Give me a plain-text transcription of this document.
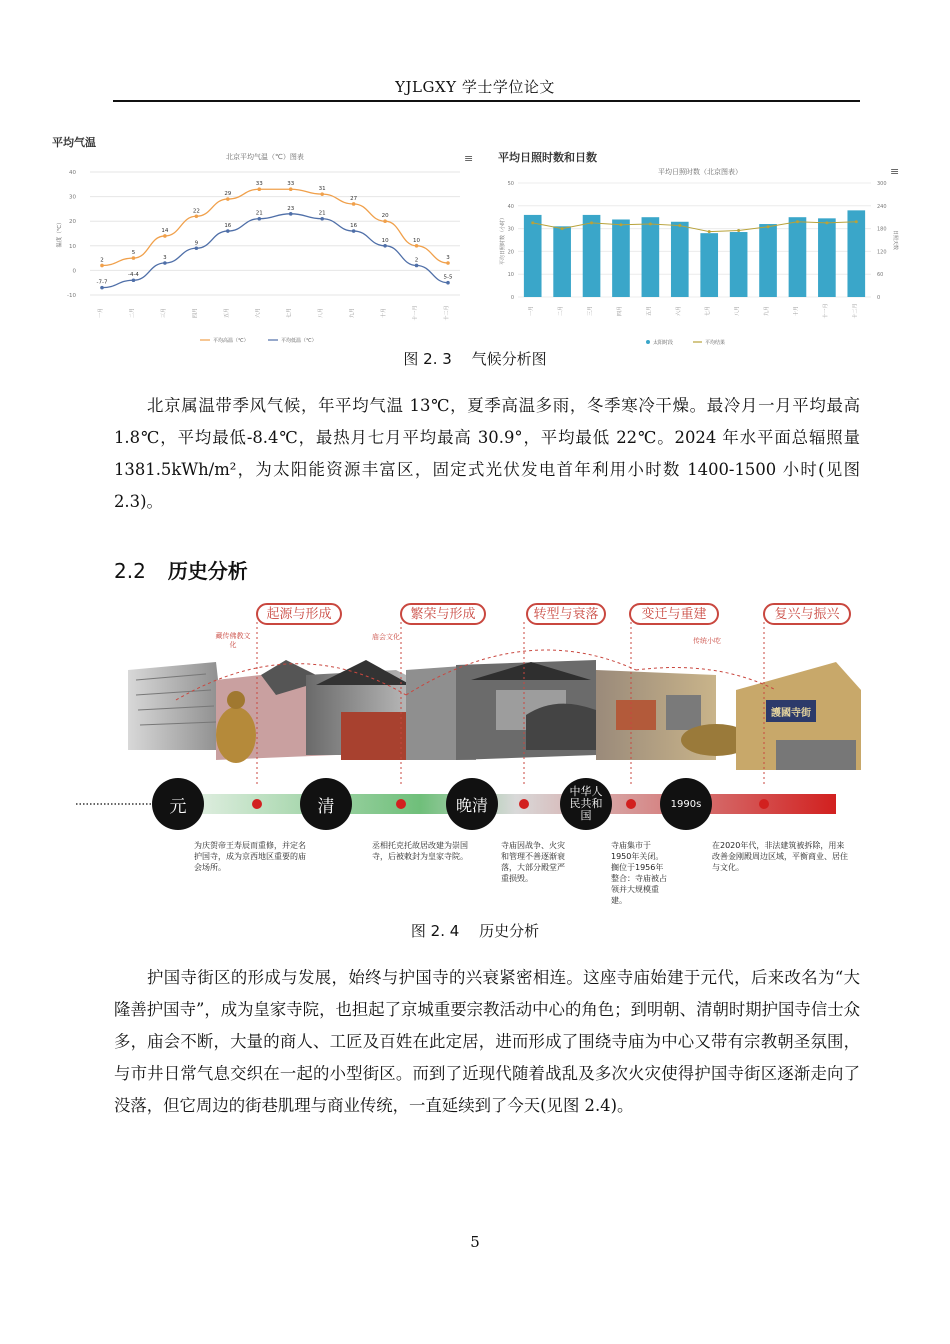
YJLGXY 学士学位论文
平均气温
北京平均气温（℃）图表	≡
40
30
20
10
0
-10
温度（℃）
一月	二月	三月	四月	五月	六月	七月	八月	九月	十月	十一月	十二月
2
5
14
22
29
33	33
31
27
20
10
3
-7-7
-4-4
3
9
16
21
23
21
16
10
2
5-5
平均高温（℃）	平均低温（℃）
平均日照时数和日数
平均日照时数（北京图表）	≡
50	300
40	240
30	180
20	120
10	60
0	0
平均日照时数（小时）	日照天数
一月	二月	三月	四月	五月	六月	七月	八月	九月	十月	十一月	十二月
太阳时段	平均结果
图 2. 3　 气候分析图

北京属温带季风气候，年平均气温 13℃，夏季高温多雨，冬季寒冷干燥。最冷月一月平均最高 1.8℃，平均最低-8.4℃，最热月七月平均最高 30.9°，平均最低 22℃。2024 年水平面总辐照量 1381.5kWh/m²，为太阳能资源丰富区，固定式光伏发电首年利用小时数 1400-1500 小时(见图 2.3)。

2.2 历史分析
護國寺街
起源与形成	繁荣与形成	转型与衰落	变迁与重建	复兴与振兴
藏传佛教文化
庙会文化	传统小吃
元	清	晚清
中华人民共和国
1990s
为庆贺帝王寿辰而重修，并定名护国寺，成为京西地区重要的庙会场所。
丞相托克托故居改建为崇国寺，后被敕封为皇家寺院。
寺庙因战争、火灾和管理不善逐渐衰落，大部分殿堂严重损毁。
寺庙集市于1950年关闭。搁位于1956年整合：寺庙被占领并大规模重建。
在2020年代，非法建筑被拆除，用来改善金刚殿周边区域，平衡商业、居住与文化。
图 2. 4　 历史分析

护国寺街区的形成与发展，始终与护国寺的兴衰紧密相连。这座寺庙始建于元代，后来改名为“大隆善护国寺”，成为皇家寺院，也担起了京城重要宗教活动中心的角色；到明朝、清朝时期护国寺信士众多，庙会不断，大量的商人、工匠及百姓在此定居，进而形成了围绕寺庙为中心又带有宗教朝圣氛围，与市井日常气息交织在一起的小型街区。而到了近现代随着战乱及多次火灾使得护国寺街区逐渐走向了没落，但它周边的街巷肌理与商业传统，一直延续到了今天(见图 2.4)。

5
